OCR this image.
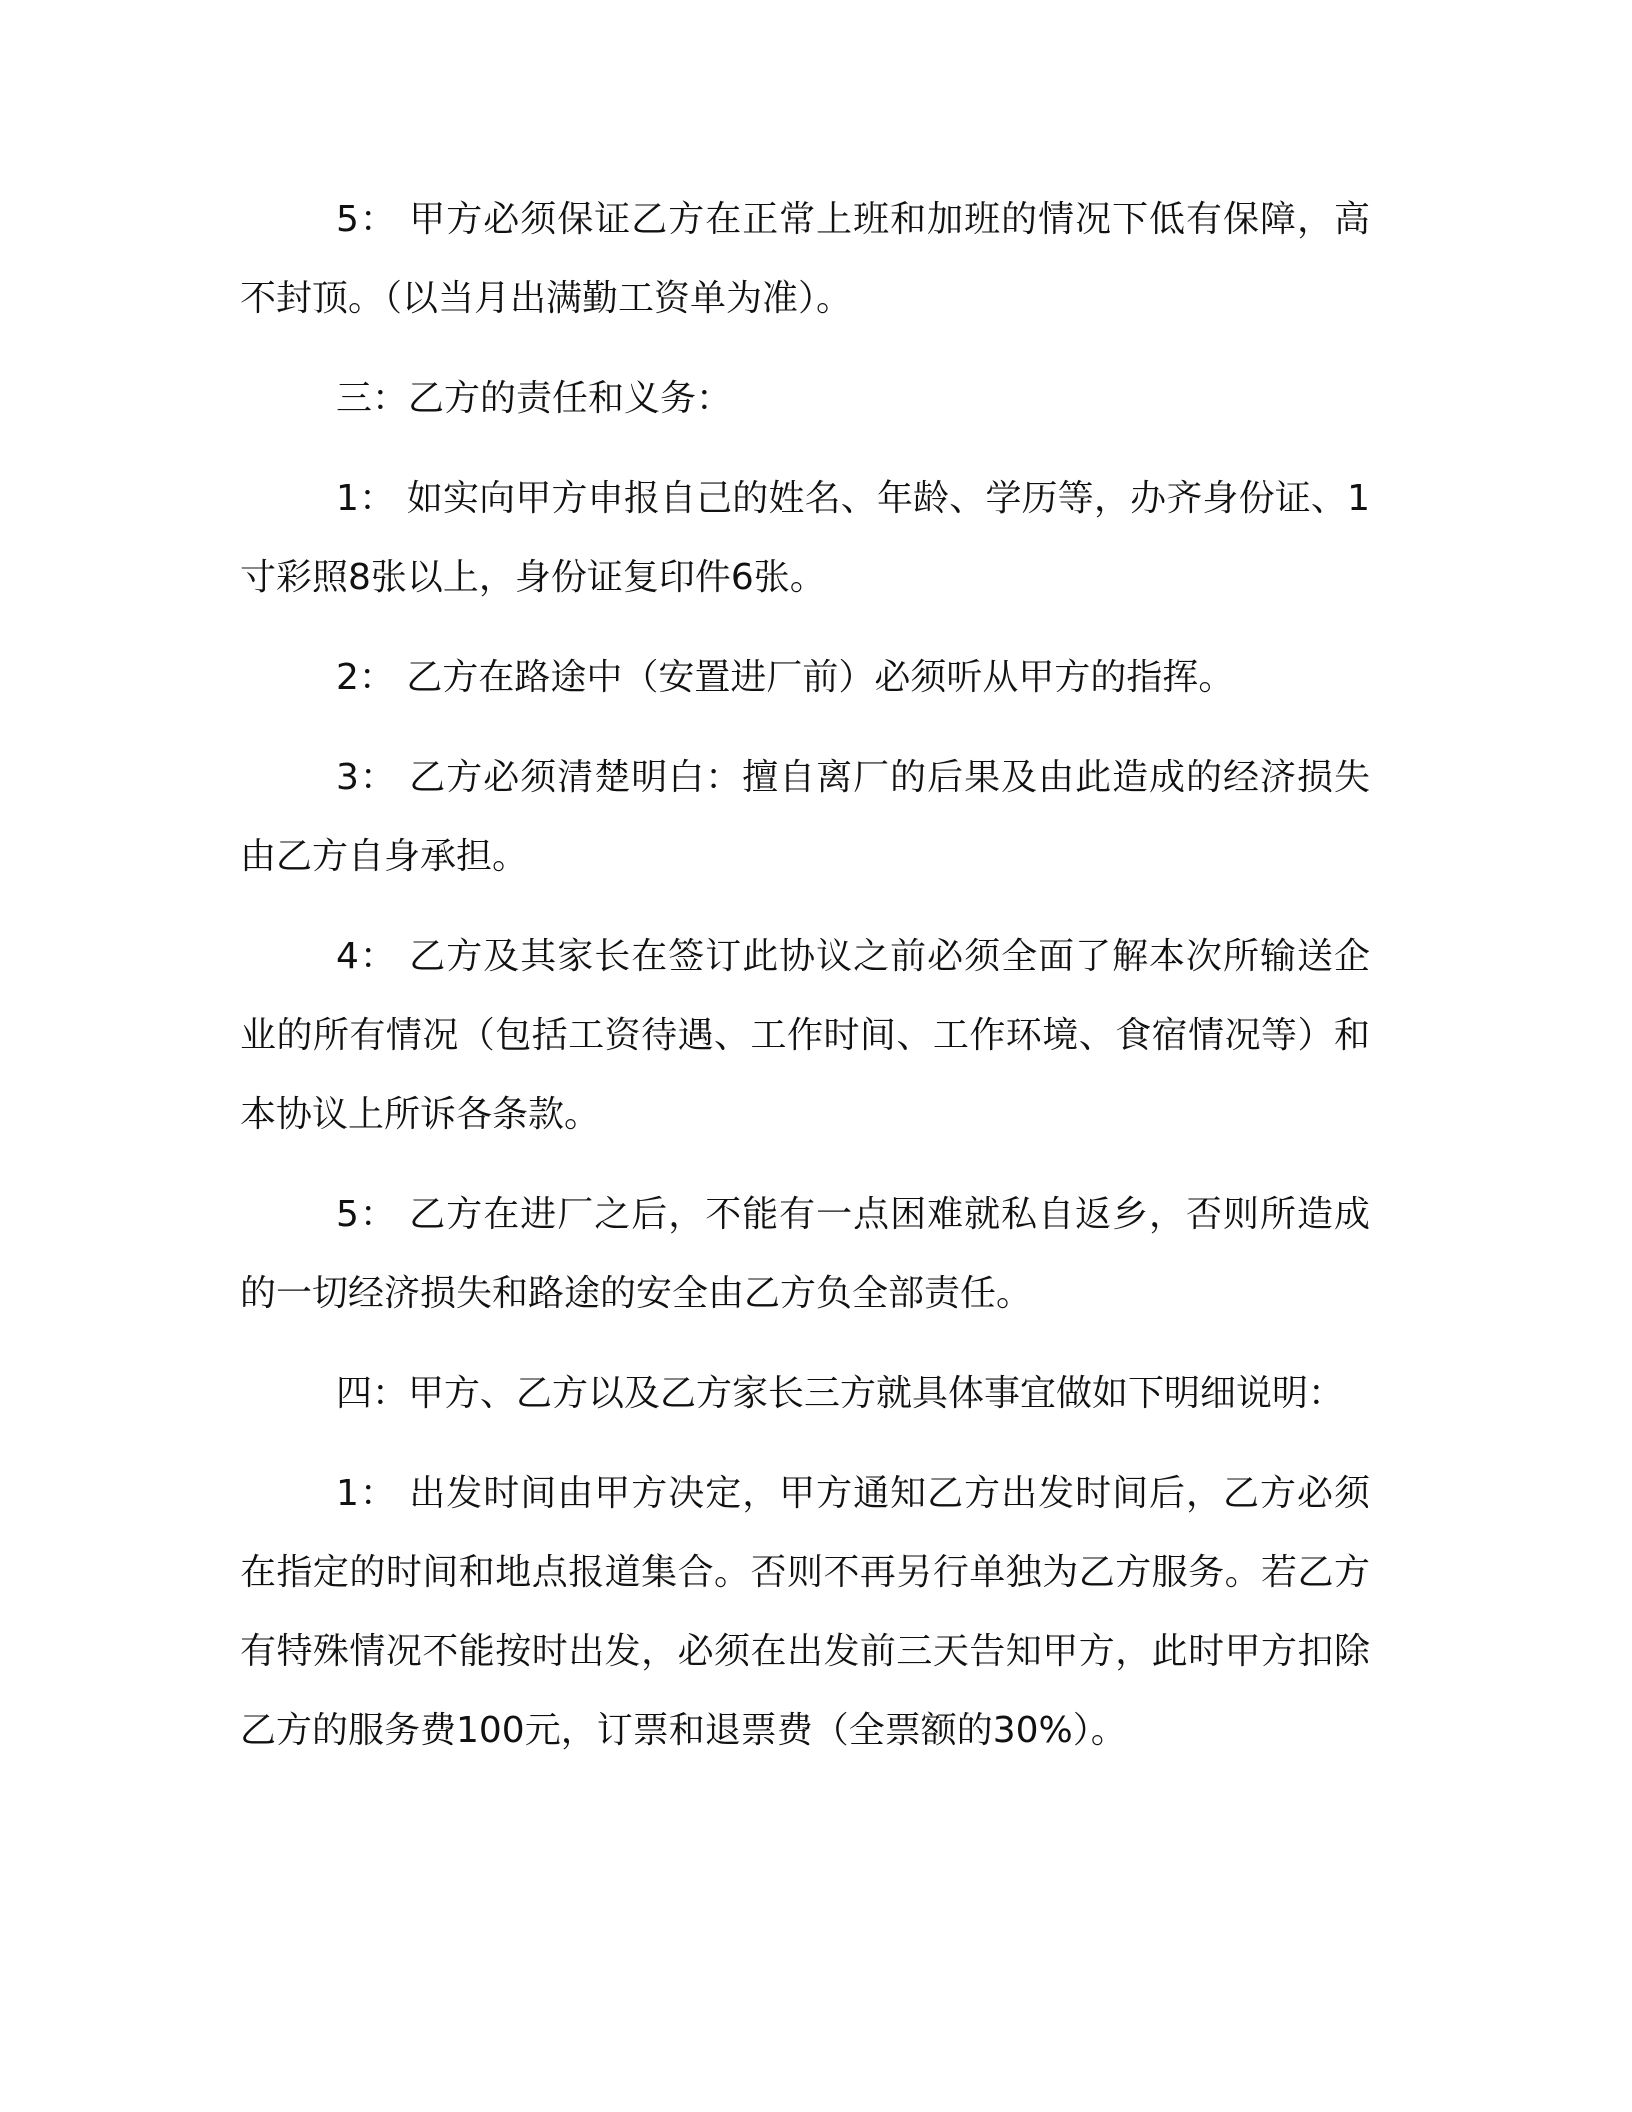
5： 甲方必须保证乙方在正常上班和加班的情况下低有保障，高不封顶。（以当月出满勤工资单为准）。

三：乙方的责任和义务：

1： 如实向甲方申报自己的姓名、年龄、学历等，办齐身份证、1寸彩照8张以上，身份证复印件6张。

2： 乙方在路途中（安置进厂前）必须听从甲方的指挥。

3： 乙方必须清楚明白：擅自离厂的后果及由此造成的经济损失由乙方自身承担。

4： 乙方及其家长在签订此协议之前必须全面了解本次所输送企业的所有情况（包括工资待遇、工作时间、工作环境、食宿情况等）和本协议上所诉各条款。

5： 乙方在进厂之后，不能有一点困难就私自返乡，否则所造成的一切经济损失和路途的安全由乙方负全部责任。

四：甲方、乙方以及乙方家长三方就具体事宜做如下明细说明：

1： 出发时间由甲方决定，甲方通知乙方出发时间后，乙方必须在指定的时间和地点报道集合。否则不再另行单独为乙方服务。若乙方有特殊情况不能按时出发，必须在出发前三天告知甲方，此时甲方扣除乙方的服务费100元，订票和退票费（全票额的30%）。
